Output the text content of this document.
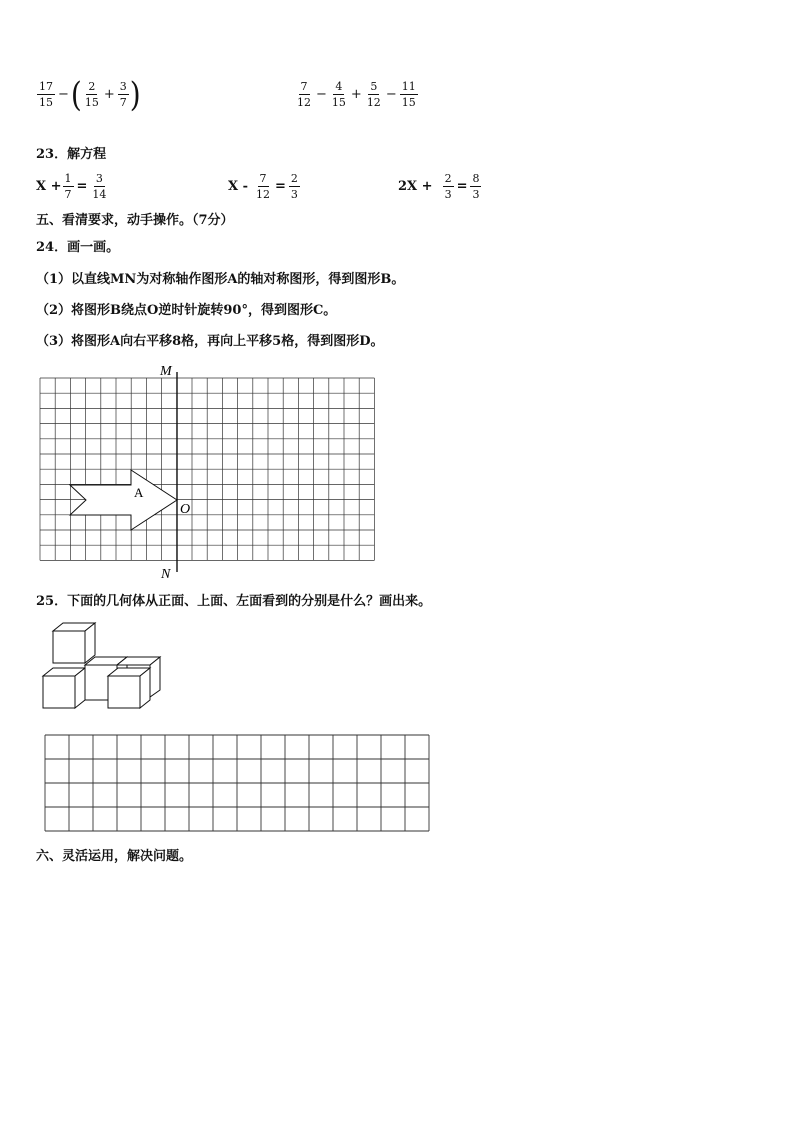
$\frac{17}{15}$ − ( $\frac{2}{15} + \frac{3}{7}$ )	$\frac{7}{12} - \frac{4}{15} + \frac{5}{12} - \frac{11}{15}$
23．解方程
$X + \frac{1}{7} = \frac{3}{14}$	$X - \frac{7}{12} = \frac{2}{3}$	$2X + \frac{2}{3} = \frac{8}{3}$
五、看清要求，动手操作。（7分）
24．画一画。
（1）以直线MN为对称轴作图形A的轴对称图形，得到图形B。
（2）将图形B绕点O逆时针旋转90°，得到图形C。
（3）将图形A向右平移8格，再向上平移5格，得到图形D。
A
M
N
O
25．下面的几何体从正面、上面、左面看到的分别是什么？画出来。
六、灵活运用，解决问题。
